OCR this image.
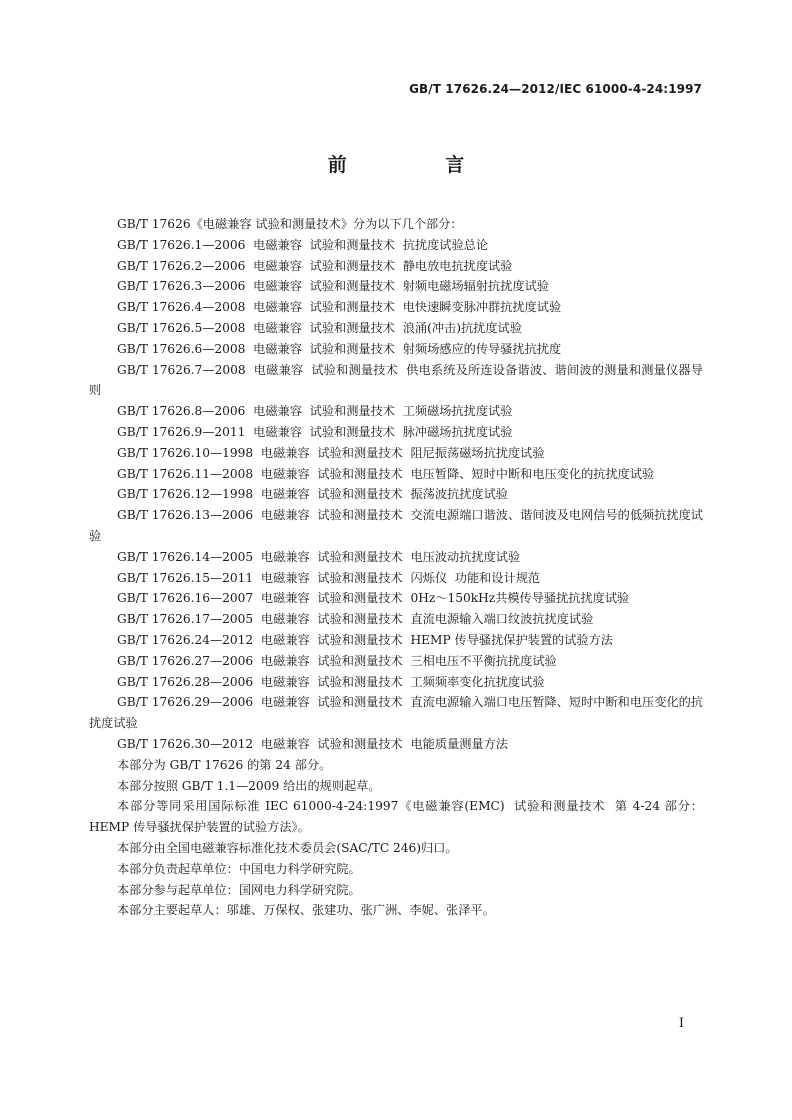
GB/T 17626.24—2012/IEC 61000-4-24:1997
前 言

GB/T 17626《电磁兼容 试验和测量技术》分为以下几个部分：

GB/T 17626.1—2006  电磁兼容  试验和测量技术  抗扰度试验总论

GB/T 17626.2—2006  电磁兼容  试验和测量技术  静电放电抗扰度试验

GB/T 17626.3—2006  电磁兼容  试验和测量技术  射频电磁场辐射抗扰度试验

GB/T 17626.4—2008  电磁兼容  试验和测量技术  电快速瞬变脉冲群抗扰度试验

GB/T 17626.5—2008  电磁兼容  试验和测量技术  浪涌(冲击)抗扰度试验

GB/T 17626.6—2008  电磁兼容  试验和测量技术  射频场感应的传导骚扰抗扰度

GB/T 17626.7—2008  电磁兼容  试验和测量技术  供电系统及所连设备谐波、谐间波的测量和测量仪器导则

GB/T 17626.8—2006  电磁兼容  试验和测量技术  工频磁场抗扰度试验

GB/T 17626.9—2011  电磁兼容  试验和测量技术  脉冲磁场抗扰度试验

GB/T 17626.10—1998  电磁兼容  试验和测量技术  阻尼振荡磁场抗扰度试验

GB/T 17626.11—2008  电磁兼容  试验和测量技术  电压暂降、短时中断和电压变化的抗扰度试验

GB/T 17626.12—1998  电磁兼容  试验和测量技术  振荡波抗扰度试验

GB/T 17626.13—2006  电磁兼容  试验和测量技术  交流电源端口谐波、谐间波及电网信号的低频抗扰度试验

GB/T 17626.14—2005  电磁兼容  试验和测量技术  电压波动抗扰度试验

GB/T 17626.15—2011  电磁兼容  试验和测量技术  闪烁仪  功能和设计规范

GB/T 17626.16—2007  电磁兼容  试验和测量技术  0Hz～150kHz共模传导骚扰抗扰度试验

GB/T 17626.17—2005  电磁兼容  试验和测量技术  直流电源输入端口纹波抗扰度试验

GB/T 17626.24—2012  电磁兼容  试验和测量技术  HEMP 传导骚扰保护装置的试验方法

GB/T 17626.27—2006  电磁兼容  试验和测量技术  三相电压不平衡抗扰度试验

GB/T 17626.28—2006  电磁兼容  试验和测量技术  工频频率变化抗扰度试验

GB/T 17626.29—2006  电磁兼容  试验和测量技术  直流电源输入端口电压暂降、短时中断和电压变化的抗扰度试验

GB/T 17626.30—2012  电磁兼容  试验和测量技术  电能质量测量方法

本部分为 GB/T 17626 的第 24 部分。

本部分按照 GB/T 1.1—2009 给出的规则起草。

本部分等同采用国际标准 IEC 61000-4-24:1997《电磁兼容(EMC)  试验和测量技术  第 4-24 部分：HEMP 传导骚扰保护装置的试验方法》。

本部分由全国电磁兼容标准化技术委员会(SAC/TC 246)归口。

本部分负责起草单位：中国电力科学研究院。

本部分参与起草单位：国网电力科学研究院。

本部分主要起草人：邬雄、万保权、张建功、张广洲、李妮、张泽平。

I
